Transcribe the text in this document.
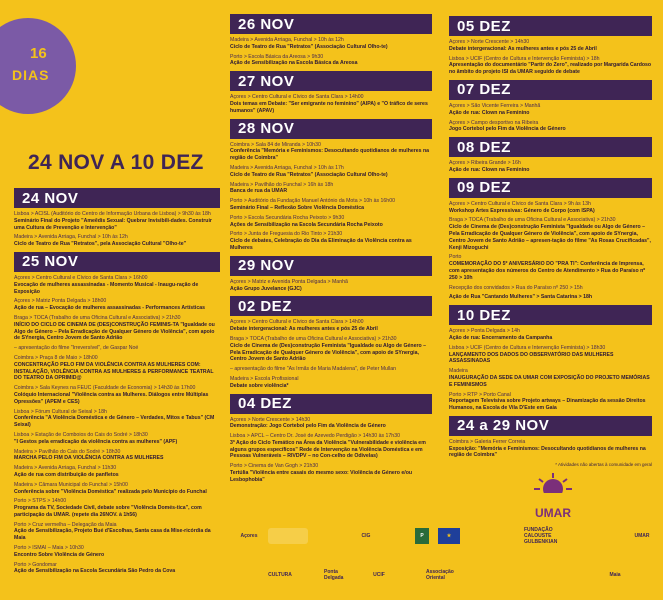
16
DIAS
24 NOV A 10 DEZ
24 NOV
Lisboa > ACISL (Auditório do Centro de Informação Urbana de Lisboa) > 9h30 às 18h
Seminário Final do Projeto "Ameêdis Sexual: Quebrar Invisibili-dades. Construir uma Cultura de Prevenção e Intervenção"
Madeira > Avenida Arriaga, Funchal > 10h às 12h
Ciclo de Teatro de Rua "Retratos", pela Associação Cultural "Olho-te"
25 NOV
Açores > Centro Cultural e Cívico de Santa Clara > 16h00
Evocação de mulheres assassinadas - Momento Musical - Inaugu-ração de Exposição
Açores > Matriz Ponta Delgada > 18h00
Ação de rua – Evocação de mulheres assassinadas - Performances Artísticas
Braga > TOCA (Trabalho de uma Oficina Cultural e Associativa) > 21h30
INÍCIO DO CICLO DE CINEMA DE (DES)CONSTRUÇÃO FEMINIS-TA "Igualdade ou Algo de Género – Pela Erradicação de Qualquer Género de Violência", com apoio de SYnergia, Centro Jovem de Santo Adrião
– apresentação do filme "Irreversível", de Gaspar Noé
Coimbra > Praça 8 de Maio > 18h00
CONCENTRAÇÃO PELO FIM DA VIOLÊNCIA CONTRA AS MULHERES COM: INSTALAÇÃO, VIOLÊNCIA CONTRA AS MULHERES & PERFORMANCE TEATRAL DO TEATRO DA OPRIMID@
Coimbra > Sala Keynes na FEUC (Faculdade de Economia) > 14h30 às 17h00
Colóquio Internacional "Violência contra as Mulheres. Diálogos entre Múltiplas Opressões" (APEM e CES)
Lisboa > Fórum Cultural de Seixal > 18h
Conferência "A Violência Doméstica e de Género – Verdades, Mitos e Tabus" (CM Seixal)
Lisboa > Estação de Comboios do Cais do Sodré > 18h30
"I Gestos pela erradicação da violência contra as mulheres" (APF)
Madeira > Pavilhão do Cais do Sodré > 18h30
MARCHA PELO FIM DA VIOLÊNCIA CONTRA AS MULHERES
Madeira > Avenida Arriaga, Funchal > 11h30
Ação de rua com distribuição de panfletos
Madeira > Câmara Municipal do Funchal > 15h00
Conferência sobre "Violência Doméstica" realizada pelo Município do Funchal
Porto > STPS > 14h00
Programa da TV, Sociedade Civil, debate sobre "Violência Domés-tica", com participação da UMAR. (repete dia 26NOV. à 1h56)
Porto > Cruz vermelha – Delegação da Maia
Ação de Sensibilização, Projeto Bué d'Escolhas, Santa casa da Mise-ricórdia da Maia
Porto > ISMAI – Maia > 10h30
Encontro Sobre Violência de Género
Porto > Gondomar
Ação de Sensibilização na Escola Secundária São Pedro da Cova
26 NOV
Madeira > Avenida Arriaga, Funchal > 10h às 12h
Ciclo de Teatro de Rua "Retratos" (Associação Cultural Olho-te)
Porto > Escola Básica da Areosa > 9h30
Ação de Sensibilização na Escola Básica da Areosa
27 NOV
Açores > Centro Cultural e Cívico de Santa Clara > 14h00
Dois temas em Debate: "Ser emigrante no feminino" (AIPA) e "O tráfico de seres humanos" (APAV)
28 NOV
Coimbra > Sala 84 de Miranda > 10h30
Conferência "Memória e Feminismos: Desocultando quotidianos de mulheres na região de Coimbra"
Madeira > Avenida Arriaga, Funchal > 10h às 17h
Ciclo de Teatro de Rua "Retratos" (Associação Cultural Olho-te)
Madeira > Pavilhão do Funchal > 16h às 18h
Banca de rua da UMAR
Porto > Auditório da Fundação Manuel António da Mota > 10h às 16h00
Seminário Final – Reflexão Sobre Violência Doméstica
Porto > Escola Secundária Rocha Peixoto > 9h30
Ações de Sensibilização na Escola Secundária Rocha Peixoto
Porto > Junta de Freguesia do Rio Tinto > 21h30
Ciclo de debates, Celebração do Dia da Eliminação da Violência contra as Mulheres
29 NOV
Açores > Matriz e Avenida Ponta Delgada > Manhã
Ação Grupo Juvelance (GJC)
02 DEZ
Açores > Centro Cultural e Cívico de Santa Clara > 14h00
Debate intergeracional: As mulheres antes e pós 25 de Abril
Braga > TOCA (Trabalho de uma Oficina Cultural e Associativa) > 21h30
Ciclo de Cinema de (Des)construção Feminista "Igualdade ou Algo de Género – Pela Erradicação de Qualquer Género de Violência", com apoio de SYnergia, Centro Jovem de Santo Adrião
– apresentação do filme "As Irmãs de Maria Madalena", de Peter Mullan
Madeira > Escola Profissional
Debate sobre violência*
04 DEZ
Açores > Norte Crescente > 14h30
Demonstração: Jogo Cortebol pelo Fim da Violência de Género
Lisboa > APCL – Centro Dr. José de Azevedo Perdigão > 14h30 às 17h30
3ª Ação do Ciclo Temático na Área da Violência "Vulnerabilidade e violência em alguns grupos específicos" Rede de Intervenção na Violência Doméstica e em Pessoas Vulneráveis – RIVDPV – no Con-celho de Odivelas)
Porto > Cinema de Van Gogh > 21h30
Tertúlia "Violência entre casais do mesmo sexo: Violência de Género e/ou Lesbophobia"
05 DEZ
Açores > Norte Crescente > 14h30
Debate intergeracional: As mulheres antes e pós 25 de Abril
Lisboa > UCIF (Centro de Cultura e Intervenção Feminista) > 18h
Apresentação do documentário "Partir do Zero", realizado por Margarida Cardoso no âmbito do projeto ISI da UMAR seguido de debate
07 DEZ
Açores > São Vicente Ferreira > Manhã
Ação de rua: Clown na Feminino
Açores > Campo desportivo na Ribeira
Jogo Cortebol pelo Fim da Violência de Género
08 DEZ
Açores > Ribeira Grande > 16h
Ação de rua: Clown na Feminino
09 DEZ
Açores > Centro Cultural e Cívico de Santa Clara > 9h às 13h
Workshop Artes Expressivas: Género de Corpo (com ISPA)
Braga > TOCA (Trabalho de uma Oficina Cultural e Associativa) > 21h30
Ciclo de Cinema de (Des)construção Feminista "Igualdade ou Algo de Género – Pela Erradicação de Qualquer Género de Violência", com apoio de SYnergia, Centro Jovem de Santo Adrião – apresen-tação do filme "As Rosas Crucificadas", Kenji Mizoguchi
Porto
COMEMORAÇÃO DO 5º ANIVERSÁRIO DO "PRA TI": Conferência de Imprensa, com apresentação dos números do Centro de Atendimento > Rua do Paraíso nº 250 > 10h
Recepção dos convidados > Rua do Paraíso nº 250 > 15h
Ação de Rua "Cantando Mulheres" > Santa Catarina > 18h
10 DEZ
Açores > Ponta Delgada > 14h
Ação de rua: Encerramento da Campanha
Lisboa > UCIF (Centro de Cultura e Intervenção Feminista) > 18h30
LANÇAMENTO DOS DADOS DO OBSERVATÓRIO DAS MULHERES ASSASSINADAS
Madeira
INAUGURAÇÃO DA SEDE DA UMAR COM EXPOSIÇÃO DO PROJETO MEMÓRIAS E FEMINISMOS
Porto > RTP > Porto Canal
Reportagem Televisiva sobre Projeto artways – Dinamização da sessão Direitos Humanos, na Escola de Vila D'Este em Gaia
24 a 29 NOV
Coimbra > Galeria Ferrer Correia
Exposição: "Memória e Feminismos: Desocultando quotidianos de mulheres na região de Coimbra"
* Atividades não abertas à comunidade em geral
UMAR
Açores	CIG	P	★
FUNDAÇÃO CALOUSTE GULBENKIAN
UMAR
CULTURA	Ponta Delgada	UCIF	Associação Oriental	Maia
